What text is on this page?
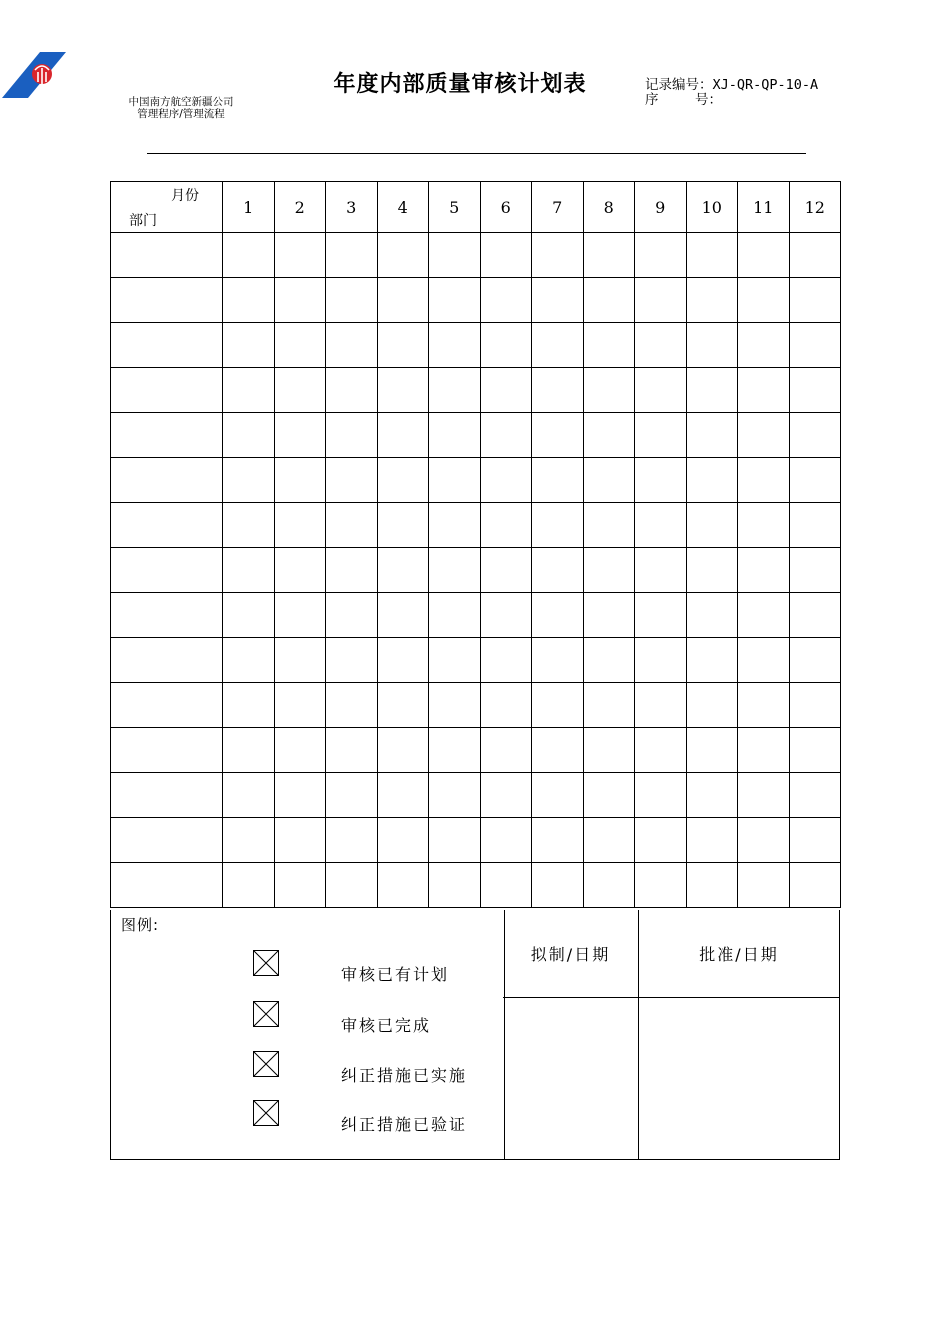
中国南方航空新疆公司
管理程序/管理流程
年度内部质量审核计划表	记录编号：XJ-QR-QP-10-A
序	号：
月份
部门	1	2	3	4	5	6	7	8	9	10	11	12

图例:
审核已有计划
审核已完成
纠正措施已实施
纠正措施已验证
拟制/日期	批准/日期
